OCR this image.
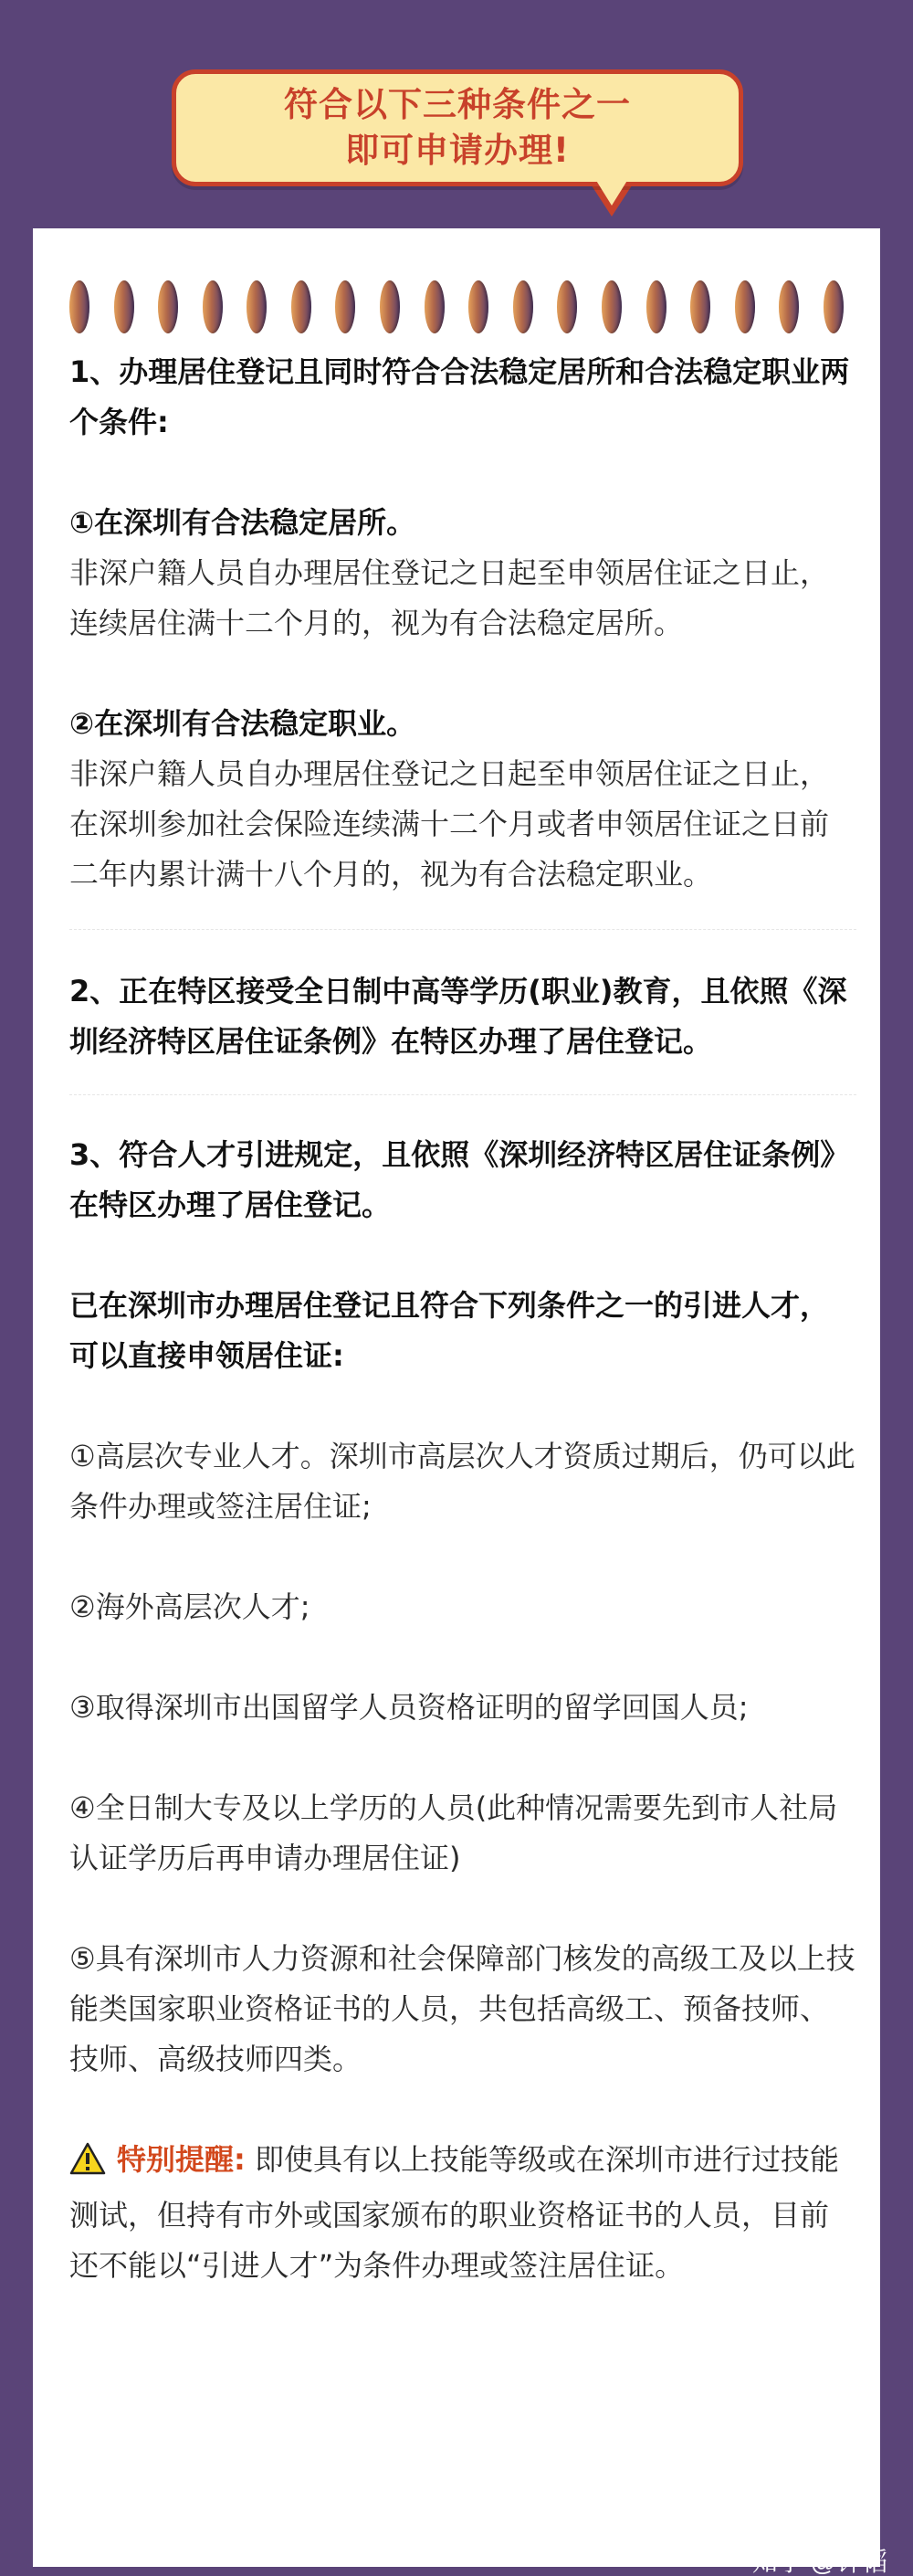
符合以下三种条件之一
即可申请办理!

1、办理居住登记且同时符合合法稳定居所和合法稳定职业两个条件:

①在深圳有合法稳定居所。

非深户籍人员自办理居住登记之日起至申领居住证之日止，连续居住满十二个月的，视为有合法稳定居所。

②在深圳有合法稳定职业。

非深户籍人员自办理居住登记之日起至申领居住证之日止，在深圳参加社会保险连续满十二个月或者申领居住证之日前二年内累计满十八个月的，视为有合法稳定职业。

2、正在特区接受全日制中高等学历(职业)教育，且依照《深圳经济特区居住证条例》在特区办理了居住登记。

3、符合人才引进规定，且依照《深圳经济特区居住证条例》在特区办理了居住登记。

已在深圳市办理居住登记且符合下列条件之一的引进人才，可以直接申领居住证:

①高层次专业人才。深圳市高层次人才资质过期后，仍可以此条件办理或签注居住证;

②海外高层次人才;

③取得深圳市出国留学人员资格证明的留学回国人员;

④全日制大专及以上学历的人员(此种情况需要先到市人社局认证学历后再申请办理居住证)

⑤具有深圳市人力资源和社会保障部门核发的高级工及以上技能类国家职业资格证书的人员，共包括高级工、预备技师、技师、高级技师四类。

特别提醒: 即使具有以上技能等级或在深圳市进行过技能测试，但持有市外或国家颁布的职业资格证书的人员，目前还不能以“引进人才”为条件办理或签注居住证。

知乎 @钟韬
